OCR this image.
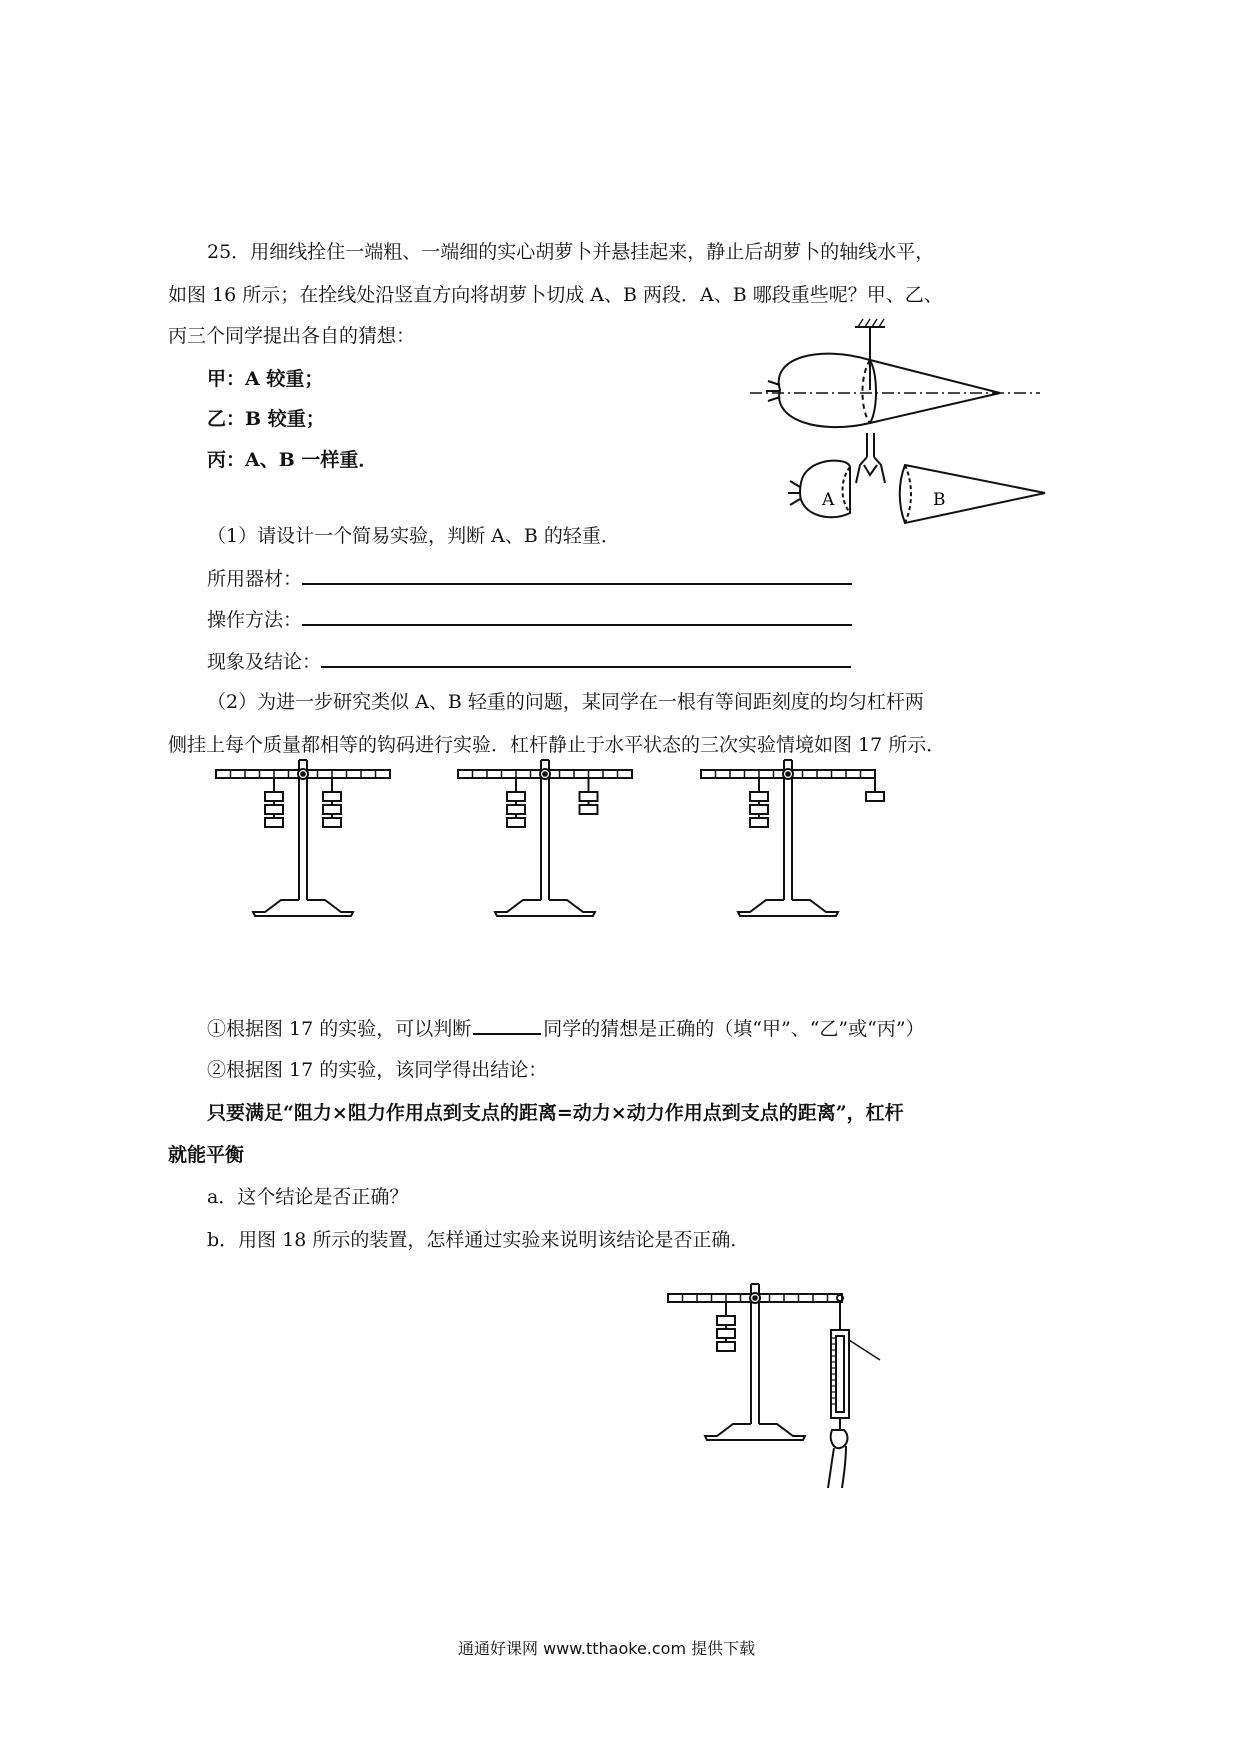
25．用细线拴住一端粗、一端细的实心胡萝卜并悬挂起来，静止后胡萝卜的轴线水平，
如图 16 所示；在拴线处沿竖直方向将胡萝卜切成 A、B 两段．A、B 哪段重些呢？甲、乙、
丙三个同学提出各自的猜想：
甲：A 较重；
乙：B 较重；
丙：A、B 一样重．
A	B
（1）请设计一个简易实验，判断 A、B 的轻重．
所用器材：
操作方法：
现象及结论：
（2）为进一步研究类似 A、B 轻重的问题，某同学在一根有等间距刻度的均匀杠杆两
侧挂上每个质量都相等的钩码进行实验．杠杆静止于水平状态的三次实验情境如图 17 所示．
①根据图 17 的实验，可以判断	同学的猜想是正确的（填“甲”、“乙”或“丙”）
②根据图 17 的实验，该同学得出结论：
只要满足“阻力×阻力作用点到支点的距离=动力×动力作用点到支点的距离”，杠杆
就能平衡
a．这个结论是否正确？
b．用图 18 所示的装置，怎样通过实验来说明该结论是否正确．
通通好课网 www.tthaoke.com 提供下载
